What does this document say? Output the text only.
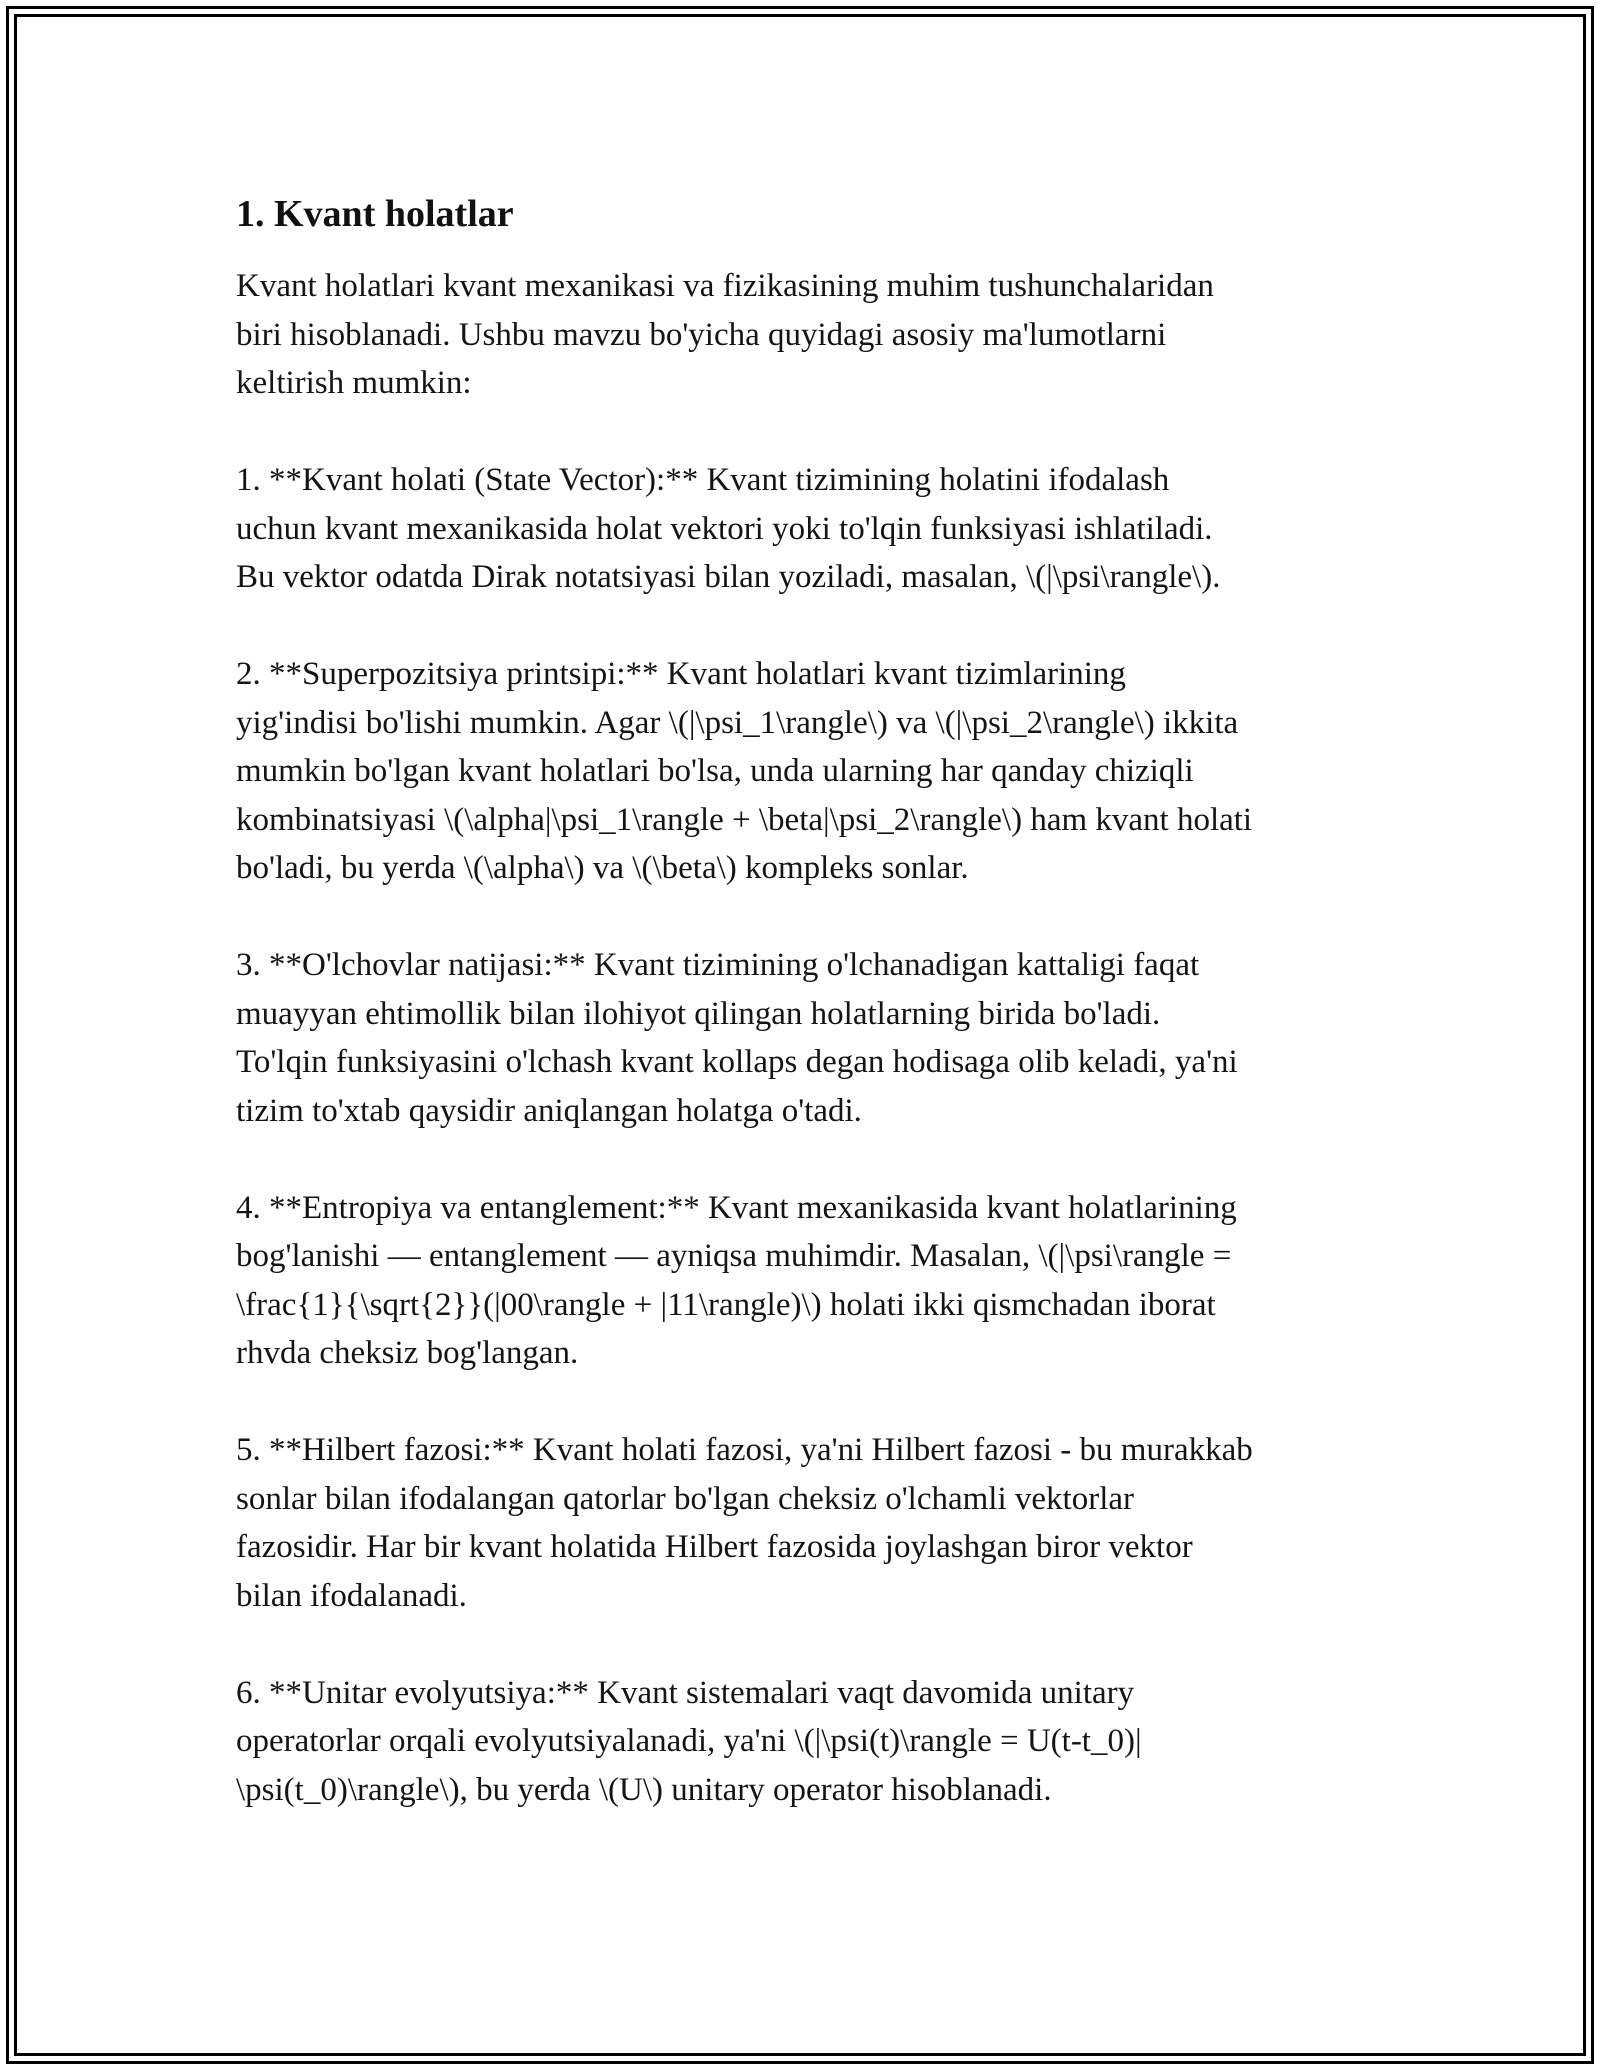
1. Kvant holatlar

Kvant holatlari kvant mexanikasi va fizikasining muhim tushunchalaridan
biri hisoblanadi. Ushbu mavzu bo'yicha quyidagi asosiy ma'lumotlarni
keltirish mumkin:

1. **Kvant holati (State Vector):** Kvant tizimining holatini ifodalash
uchun kvant mexanikasida holat vektori yoki to'lqin funksiyasi ishlatiladi.
Bu vektor odatda Dirak notatsiyasi bilan yoziladi, masalan, \(|\psi\rangle\).

2. **Superpozitsiya printsipi:** Kvant holatlari kvant tizimlarining
yig'indisi bo'lishi mumkin. Agar \(|\psi_1\rangle\) va \(|\psi_2\rangle\) ikkita
mumkin bo'lgan kvant holatlari bo'lsa, unda ularning har qanday chiziqli
kombinatsiyasi \(\alpha|\psi_1\rangle + \beta|\psi_2\rangle\) ham kvant holati
bo'ladi, bu yerda \(\alpha\) va \(\beta\) kompleks sonlar.

3. **O'lchovlar natijasi:** Kvant tizimining o'lchanadigan kattaligi faqat
muayyan ehtimollik bilan ilohiyot qilingan holatlarning birida bo'ladi.
To'lqin funksiyasini o'lchash kvant kollaps degan hodisaga olib keladi, ya'ni
tizim to'xtab qaysidir aniqlangan holatga o'tadi.

4. **Entropiya va entanglement:** Kvant mexanikasida kvant holatlarining
bog'lanishi — entanglement — ayniqsa muhimdir. Masalan, \(|\psi\rangle =
\frac{1}{\sqrt{2}}(|00\rangle + |11\rangle)\) holati ikki qismchadan iborat
rhvda cheksiz bog'langan.

5. **Hilbert fazosi:** Kvant holati fazosi, ya'ni Hilbert fazosi - bu murakkab
sonlar bilan ifodalangan qatorlar bo'lgan cheksiz o'lchamli vektorlar
fazosidir. Har bir kvant holatida Hilbert fazosida joylashgan biror vektor
bilan ifodalanadi.

6. **Unitar evolyutsiya:** Kvant sistemalari vaqt davomida unitary
operatorlar orqali evolyutsiyalanadi, ya'ni \(|\psi(t)\rangle = U(t-t_0)|
\psi(t_0)\rangle\), bu yerda \(U\) unitary operator hisoblanadi.
